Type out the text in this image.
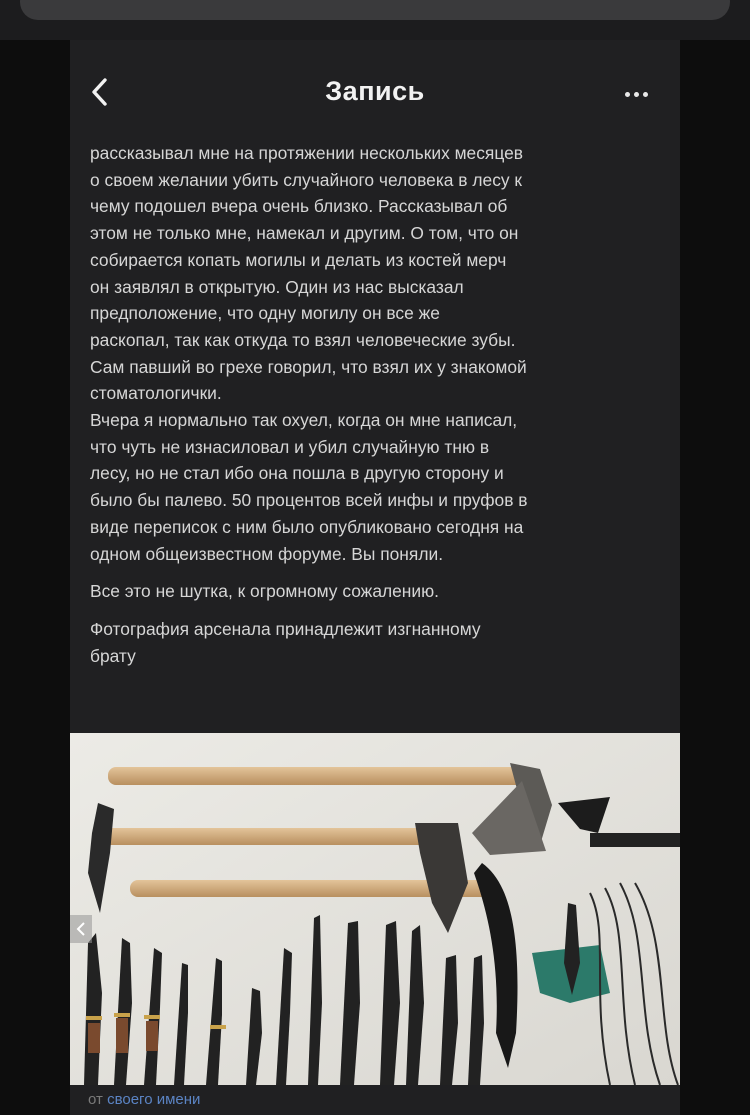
Запись

рассказывал мне на протяжении нескольких месяцев
о своем желании убить случайного человека в лесу к
чему подошел вчера очень близко. Рассказывал об
этом не только мне, намекал и другим. О том, что он
собирается копать могилы и делать из костей мерч
он заявлял в открытую. Один из нас высказал
предположение, что одну могилу он все же
раскопал, так как откуда то взял человеческие зубы.
Сам павший во грехе говорил, что взял их у знакомой
стоматологички.

Вчера я нормально так охуел, когда он мне написал,
что чуть не изнасиловал и убил случайную тню в
лесу, но не стал ибо она пошла в другую сторону и
было бы палево. 50 процентов всей инфы и пруфов в
виде переписок с ним было опубликовано сегодня на
одном общеизвестном форуме. Вы поняли.

Все это не шутка, к огромному сожалению.

Фотография арсенала принадлежит изгнанному
брату

от своего имени
